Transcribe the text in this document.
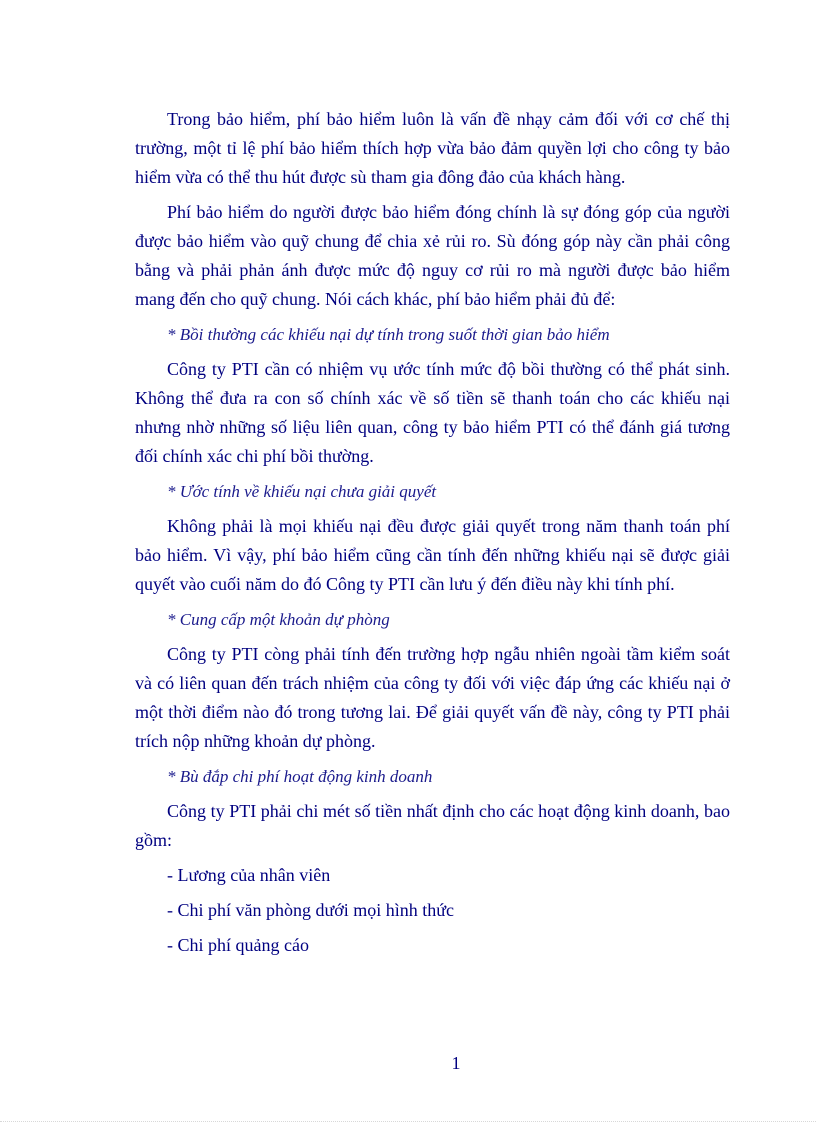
Trong bảo hiểm, phí bảo hiểm luôn là vấn đề nhạy cảm đối với cơ chế thị trường, một tỉ lệ phí bảo hiểm thích hợp vừa bảo đảm quyền lợi cho công ty bảo hiểm vừa có thể thu hút được sù tham gia đông đảo của khách hàng.

Phí bảo hiểm do người được bảo hiểm đóng chính là sự đóng góp của người được bảo hiểm vào quỹ chung để chia xẻ rủi ro. Sù đóng góp này cần phải công bằng và phải phản ánh được mức độ nguy cơ rủi ro mà người được bảo hiểm mang đến cho quỹ chung. Nói cách khác, phí bảo hiểm phải đủ để:

* Bồi thường các khiếu nại dự tính trong suốt thời gian bảo hiểm

Công ty PTI cần có nhiệm vụ ước tính mức độ bồi thường có thể phát sinh. Không thể đưa ra con số chính xác về số tiền sẽ thanh toán cho các khiếu nại nhưng nhờ những số liệu liên quan, công ty bảo hiểm PTI có thể đánh giá tương đối chính xác chi phí bồi thường.

* Ước tính về khiếu nại chưa giải quyết

Không phải là mọi khiếu nại đều được giải quyết trong năm thanh toán phí bảo hiểm. Vì vậy, phí bảo hiểm cũng cần tính đến những khiếu nại sẽ được giải quyết vào cuối năm do đó Công ty PTI cần lưu ý đến điều này khi tính phí.

* Cung cấp một khoản dự phòng

Công ty PTI còng phải tính đến trường hợp ngẫu nhiên ngoài tầm kiểm soát và có liên quan đến trách nhiệm của công ty đối với việc đáp ứng các khiếu nại ở một thời điểm nào đó trong tương lai. Để giải quyết vấn đề này, công ty PTI phải trích nộp những khoản dự phòng.

* Bù đắp chi phí hoạt động kinh doanh

Công ty PTI phải chi mét số tiền nhất định cho các hoạt động kinh doanh, bao gồm:

- Lương của nhân viên

- Chi phí văn phòng dưới mọi hình thức

- Chi phí quảng cáo

1
